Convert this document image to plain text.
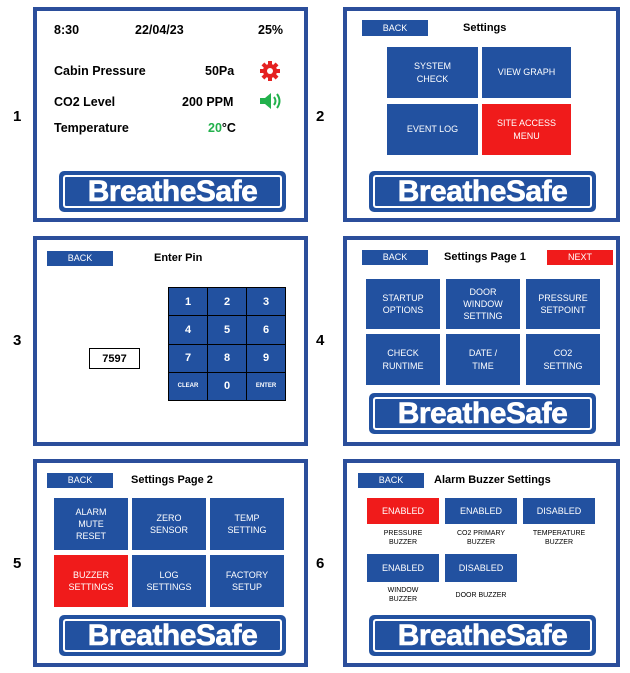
1	2
3	4
5	6
8:30	22/04/23	25%
Cabin Pressure	50Pa
CO2 Level	200 PPM
Temperature	20°C
BreatheSafe
BACK	Settings
SYSTEM
CHECK
VIEW GRAPH
EVENT LOG
SITE ACCESS
MENU
BreatheSafe
BACK	Enter Pin
7597
1	2	3
4	5	6
7	8	9
CLEAR	0	ENTER
BACK	Settings Page 1	NEXT
STARTUP
OPTIONS
DOOR
WINDOW
SETTING
PRESSURE
SETPOINT
CHECK
RUNTIME
DATE /
TIME
CO2
SETTING
BreatheSafe
BACK	Settings Page 2
ALARM
MUTE
RESET
ZERO
SENSOR
TEMP
SETTING
BUZZER
SETTINGS
LOG
SETTINGS
FACTORY
SETUP
BreatheSafe
BACK	Alarm Buzzer Settings
ENABLED
PRESSURE
BUZZER
ENABLED
CO2 PRIMARY
BUZZER
DISABLED
TEMPERATURE
BUZZER
ENABLED
WINDOW
BUZZER
DISABLED
DOOR BUZZER
BreatheSafe
